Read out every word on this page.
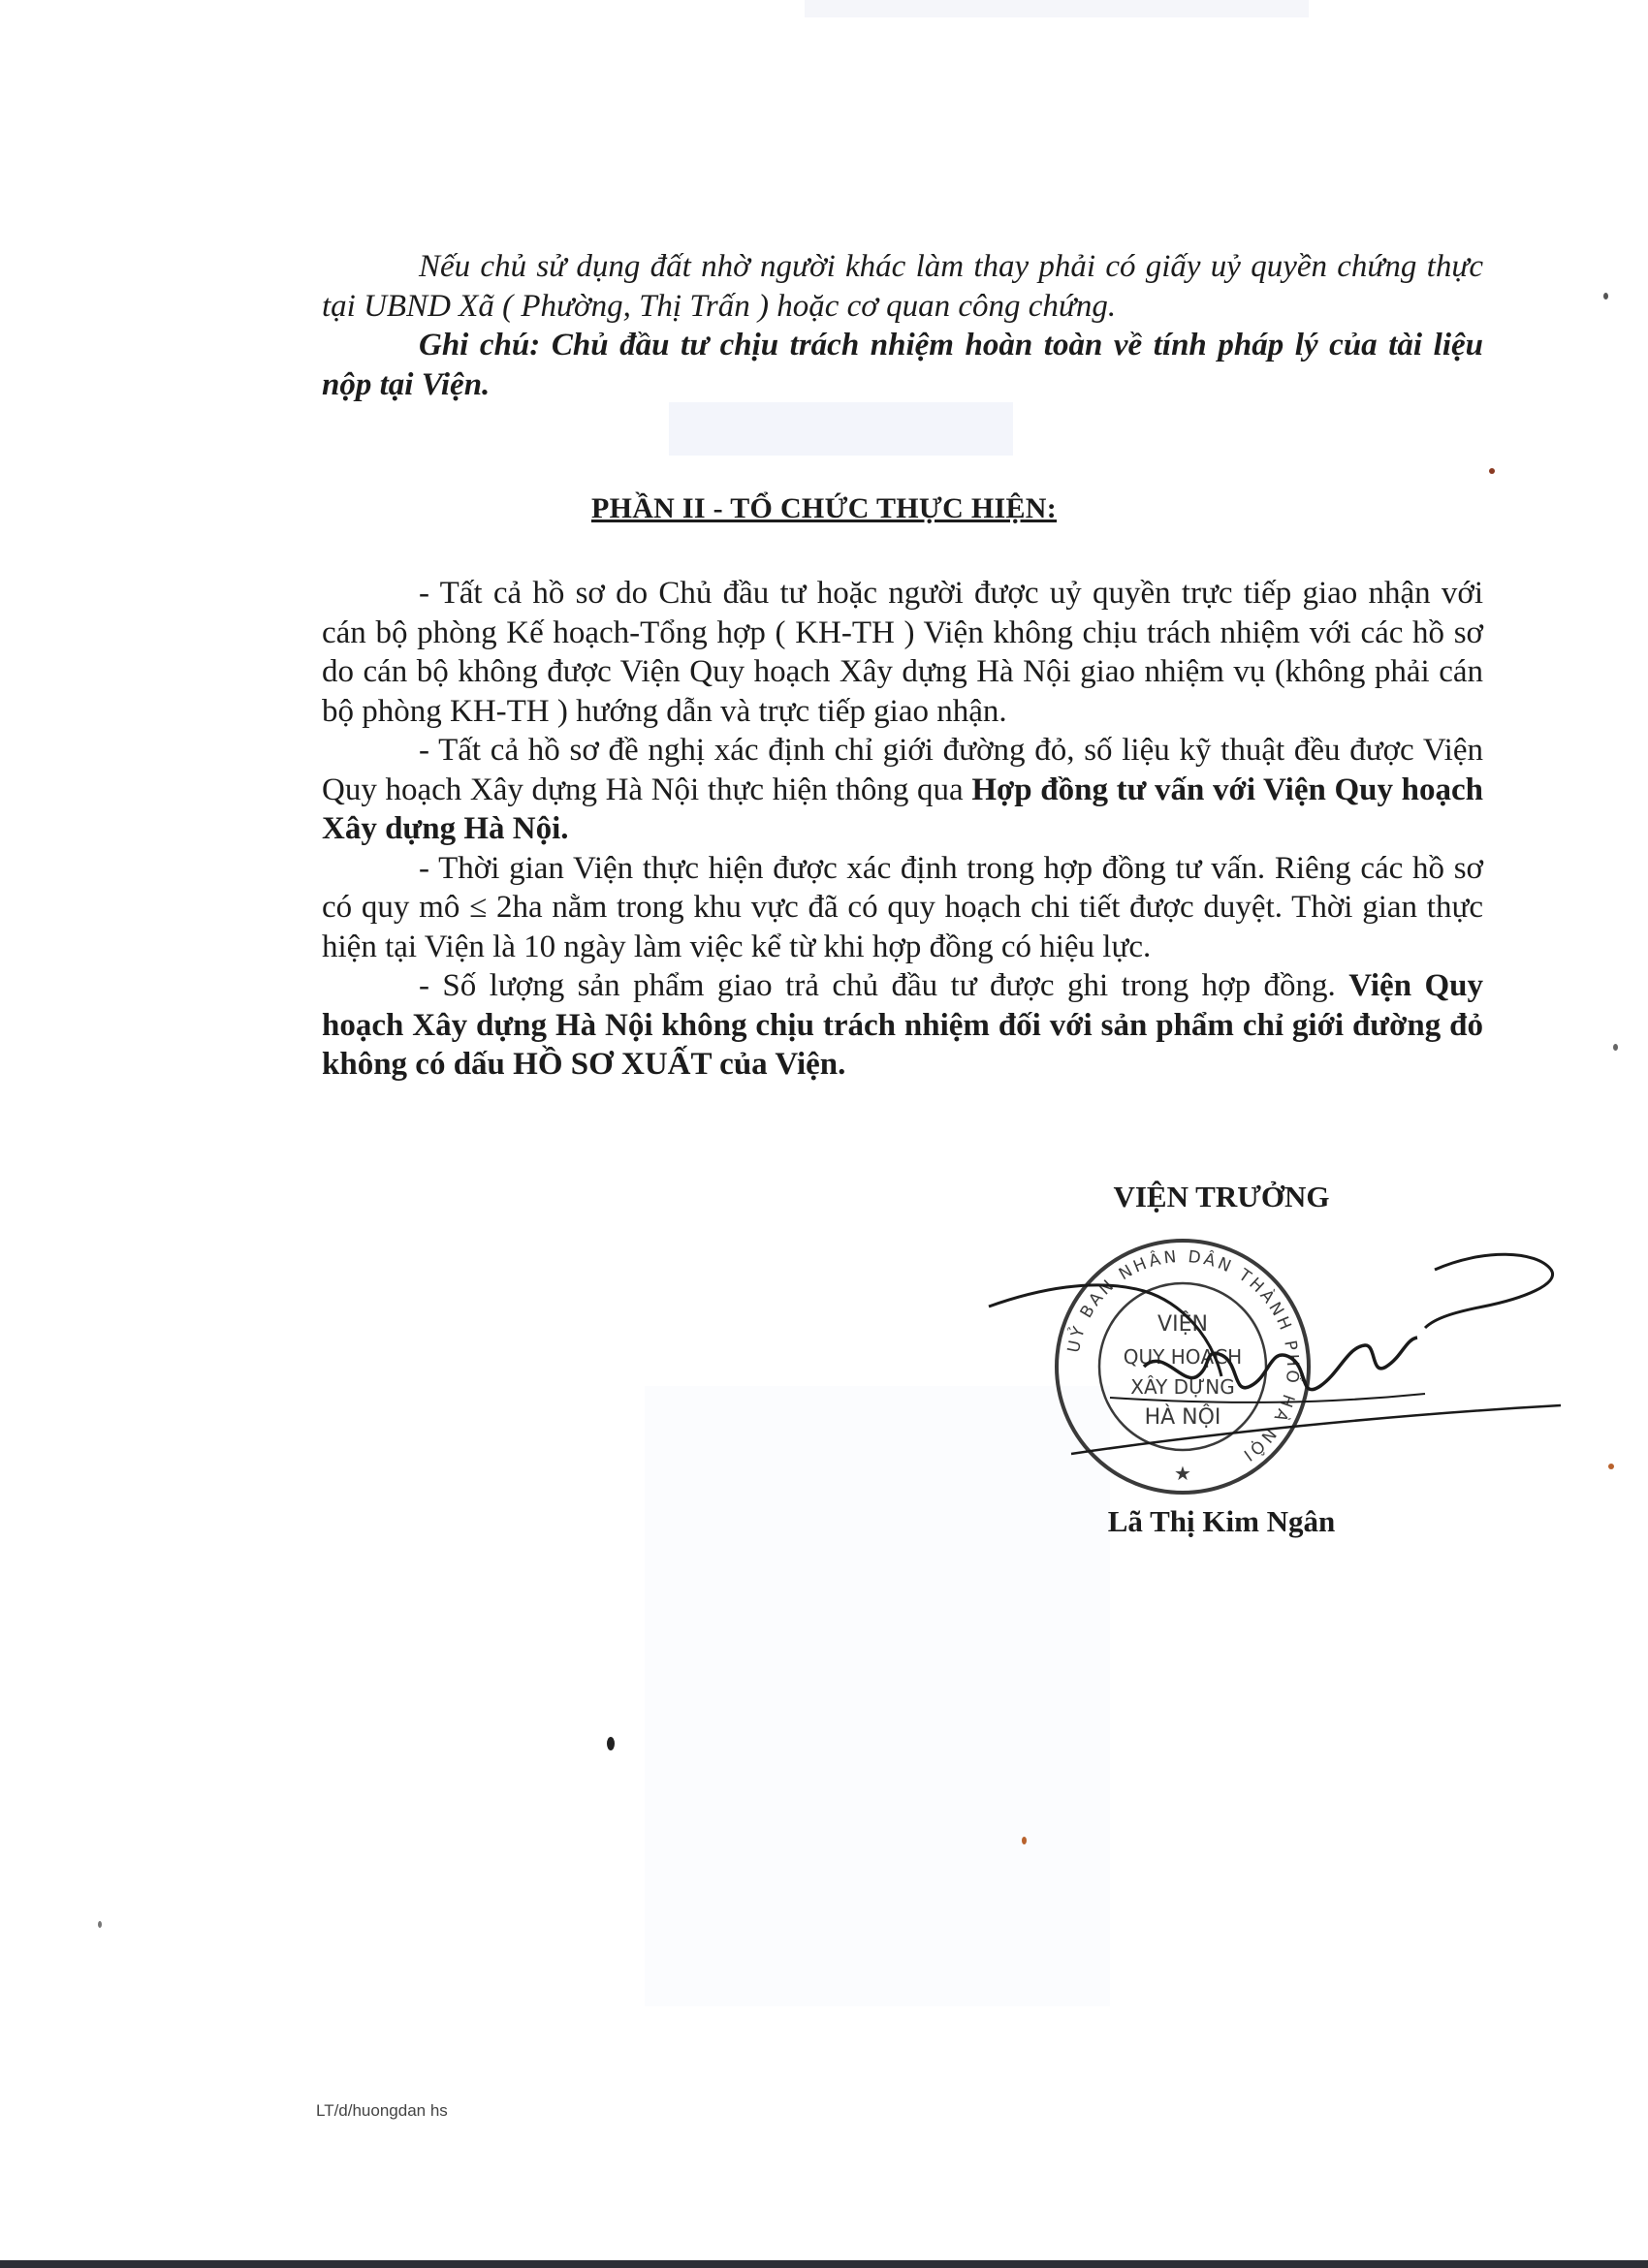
Nếu chủ sử dụng đất nhờ người khác làm thay phải có giấy uỷ quyền chứng thực tại UBND Xã ( Phường, Thị Trấn ) hoặc cơ quan công chứng.

Ghi chú: Chủ đầu tư chịu trách nhiệm hoàn toàn về tính pháp lý của tài liệu nộp tại Viện.

PHẦN II - TỔ CHỨC THỰC HIỆN:

- Tất cả hồ sơ do Chủ đầu tư hoặc người được uỷ quyền trực tiếp giao nhận với cán bộ phòng Kế hoạch-Tổng hợp ( KH-TH ) Viện không chịu trách nhiệm với các hồ sơ do cán bộ không được Viện Quy hoạch Xây dựng Hà Nội giao nhiệm vụ (không phải cán bộ phòng KH-TH ) hướng dẫn và trực tiếp giao nhận.

- Tất cả hồ sơ đề nghị xác định chỉ giới đường đỏ, số liệu kỹ thuật đều được Viện Quy hoạch Xây dựng Hà Nội thực hiện thông qua Hợp đồng tư vấn với Viện Quy hoạch Xây dựng Hà Nội.

- Thời gian Viện thực hiện được xác định trong hợp đồng tư vấn. Riêng các hồ sơ có quy mô ≤ 2ha nằm trong khu vực đã có quy hoạch chi tiết được duyệt. Thời gian thực hiện tại Viện là 10 ngày làm việc kể từ khi hợp đồng có hiệu lực.

- Số lượng sản phẩm giao trả chủ đầu tư được ghi trong hợp đồng. Viện Quy hoạch Xây dựng Hà Nội không chịu trách nhiệm đối với sản phẩm chỉ giới đường đỏ không có dấu HỒ SƠ XUẤT của Viện.

VIỆN TRƯỞNG
UỶ BAN NHÂN DÂN THÀNH PHỐ HÀ NỘI
VIỆN
QUY HOẠCH
XÂY DỰNG
HÀ NỘI
★
Lã Thị Kim Ngân
LT/d/huongdan hs
